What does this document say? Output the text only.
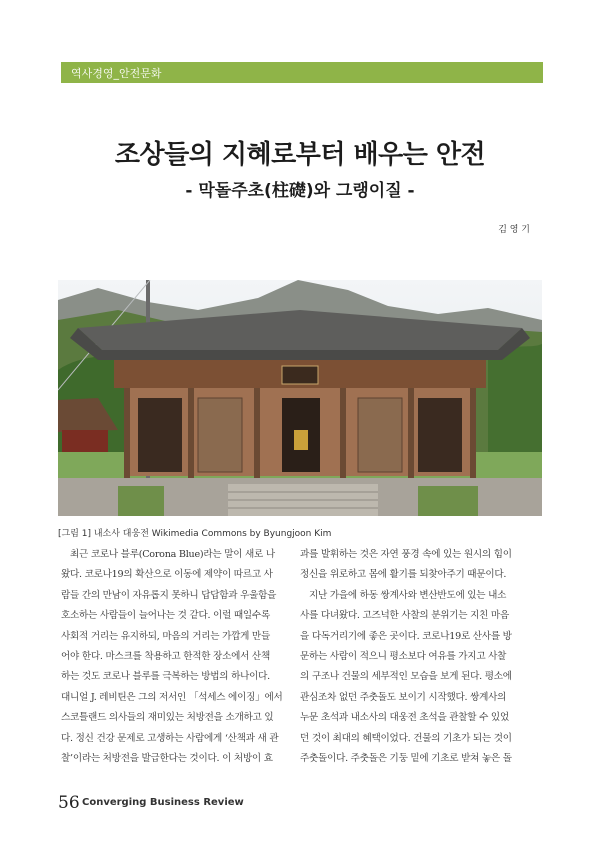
역사경영_안전문화
조상들의 지혜로부터 배우는 안전
- 막돌주초(柱礎)와 그랭이질 -
김 영 기
[그림 1] 내소사 대웅전 Wikimedia Commons by Byungjoon Kim
최근 코로나 블루(Corona Blue)라는 말이 새로 나
왔다. 코로나19의 확산으로 이동에 제약이 따르고 사
람들 간의 만남이 자유롭지 못하니 답답함과 우울함을
호소하는 사람들이 늘어나는 것 같다. 이럴 때일수록
사회적 거리는 유지하되, 마음의 거리는 가깝게 만들
어야 한다. 마스크를 착용하고 한적한 장소에서 산책
하는 것도 코로나 블루를 극복하는 방법의 하나이다.
대니얼 J. 레비틴은 그의 저서인 「석세스 에이징」에서
스코틀랜드 의사들의 재미있는 처방전을 소개하고 있
다. 정신 건강 문제로 고생하는 사람에게 ‘산책과 새 관
찰’이라는 처방전을 발급한다는 것이다. 이 처방이 효
과를 발휘하는 것은 자연 풍경 속에 있는 원시의 힘이
정신을 위로하고 몸에 활기를 되찾아주기 때문이다.
지난 가을에 하동 쌍계사와 변산반도에 있는 내소
사를 다녀왔다. 고즈넉한 사찰의 분위기는 지친 마음
을 다독거리기에 좋은 곳이다. 코로나19로 산사를 방
문하는 사람이 적으니 평소보다 여유를 가지고 사찰
의 구조나 건물의 세부적인 모습을 보게 된다. 평소에
관심조차 없던 주춧돌도 보이기 시작했다. 쌍계사의
누문 초석과 내소사의 대웅전 초석을 관찰할 수 있었
던 것이 최대의 혜택이었다. 건물의 기초가 되는 것이
주춧돌이다. 주춧돌은 기둥 밑에 기초로 받쳐 놓은 돌
56 Converging Business Review
